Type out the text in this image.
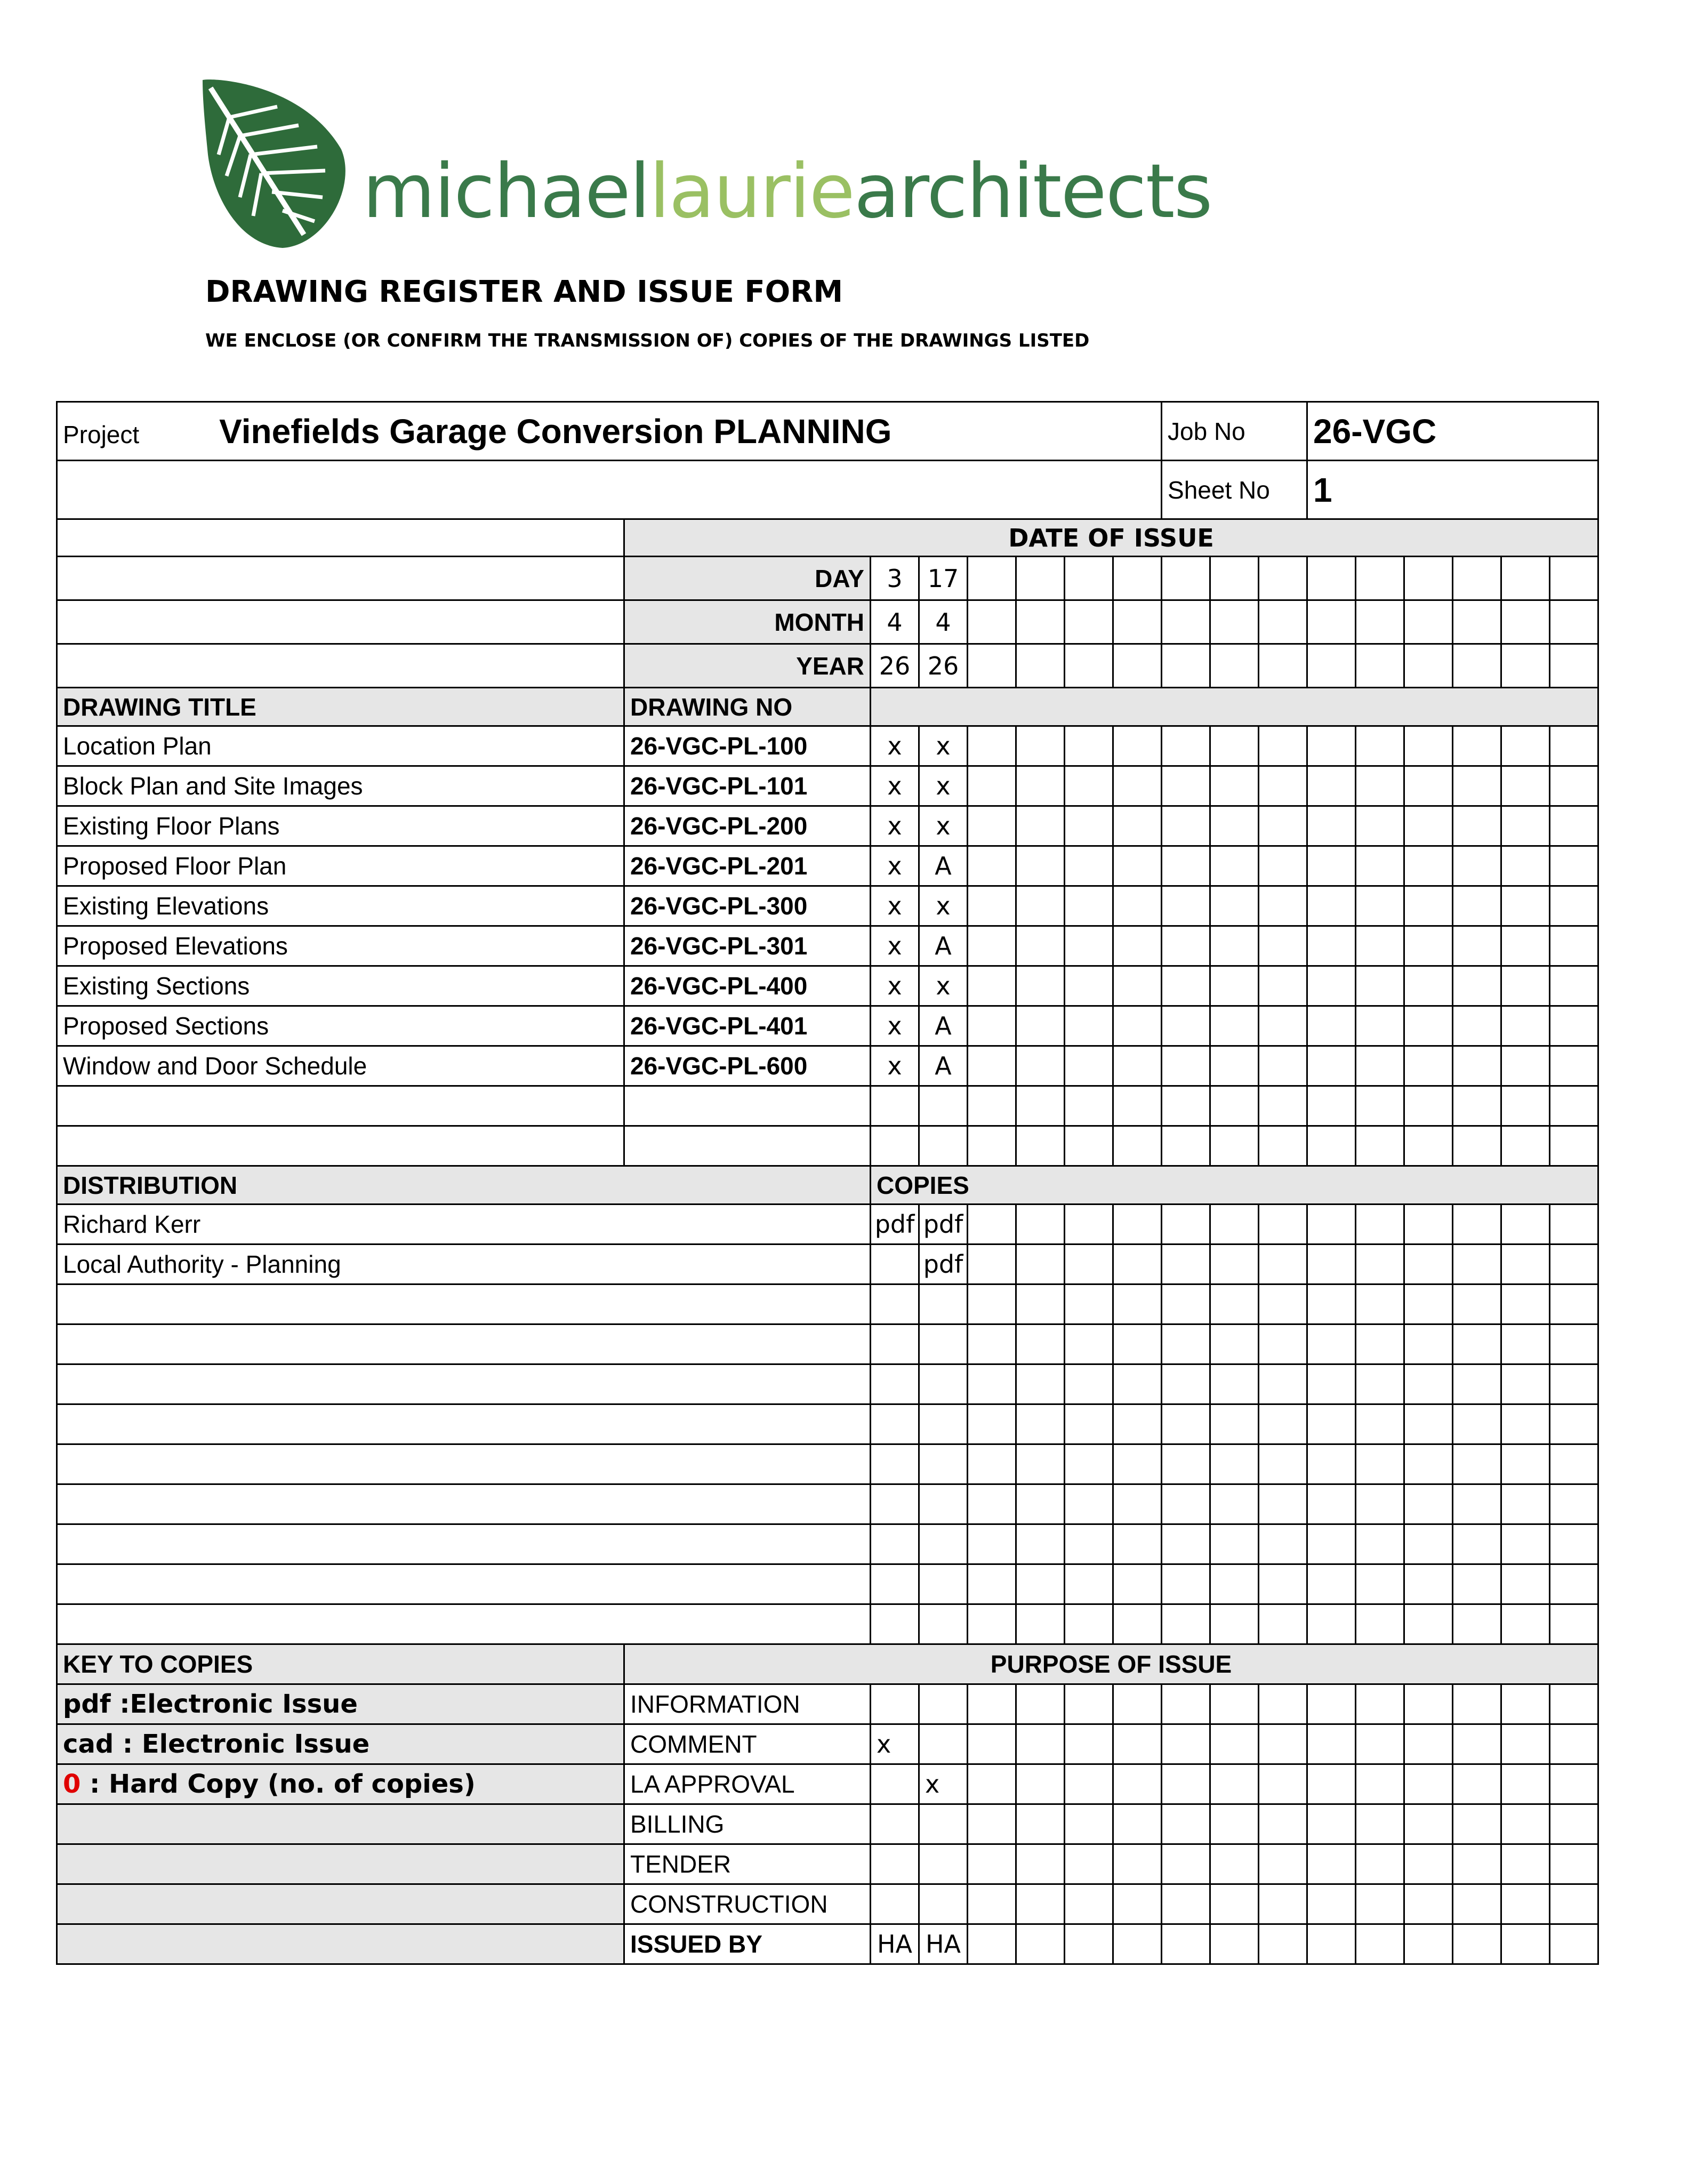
michaellauriearchitects
DRAWING REGISTER AND ISSUE FORM
WE ENCLOSE (OR CONFIRM THE TRANSMISSION OF) COPIES OF THE DRAWINGS LISTED
Project Vinefields Garage Conversion PLANNING								Job No			26-VGC					
								Sheet No			1					
	DATE OF ISSUE															
	DAY	3	17													
	MONTH	4	4													
	YEAR	26	26													
DRAWING TITLE	DRAWING NO															
Location Plan	26-VGC-PL-100	x	x													
Block Plan and Site Images	26-VGC-PL-101	x	x													
Existing Floor Plans	26-VGC-PL-200	x	x													
Proposed Floor Plan	26-VGC-PL-201	x	A													
Existing Elevations	26-VGC-PL-300	x	x													
Proposed Elevations	26-VGC-PL-301	x	A													
Existing Sections	26-VGC-PL-400	x	x													
Proposed Sections	26-VGC-PL-401	x	A													
Window and Door Schedule	26-VGC-PL-600	x	A													

DISTRIBUTION		COPIES														
Richard Kerr		pdf	pdf													
Local Authority - Planning			pdf													

KEY TO COPIES	PURPOSE OF ISSUE															
pdf :Electronic Issue	INFORMATION															
cad : Electronic Issue	COMMENT	x														
0 : Hard Copy (no. of copies)	LA APPROVAL		x													
	BILLING															
	TENDER															
	CONSTRUCTION															
	ISSUED BY	HA	HA													
